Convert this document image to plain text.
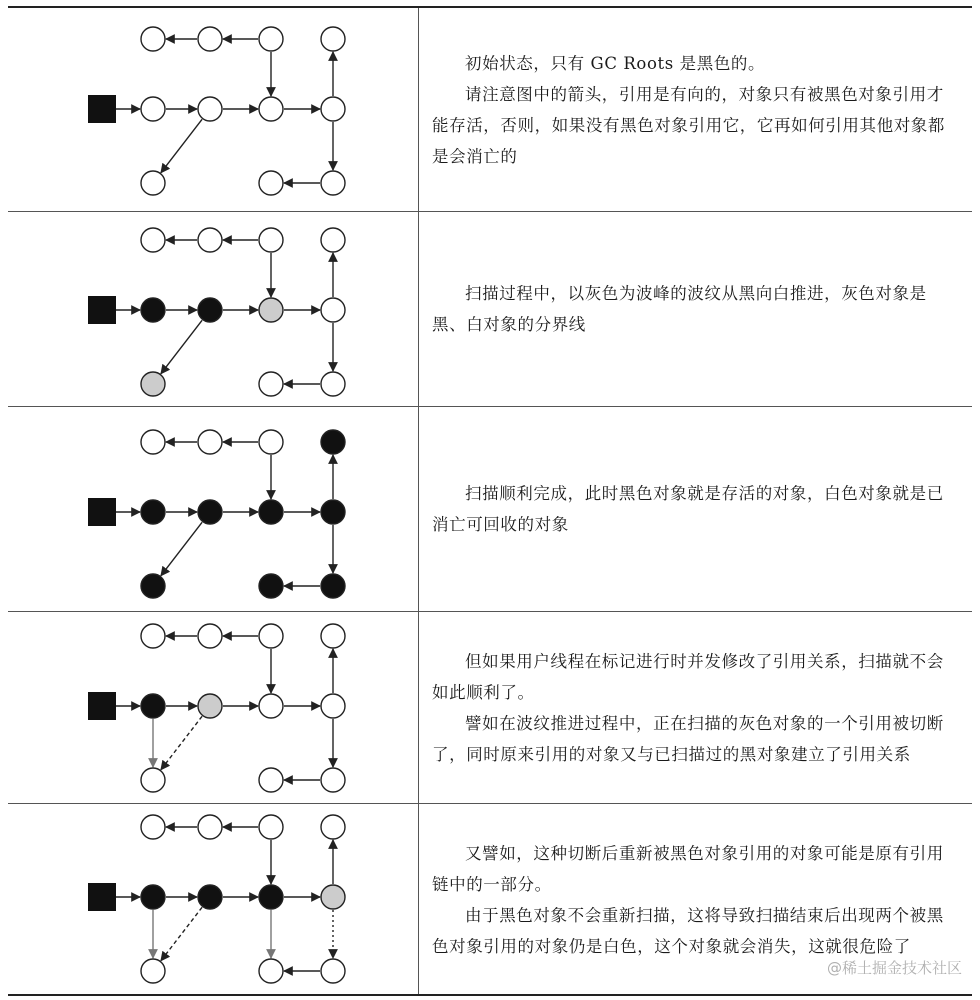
初始状态，只有 GC Roots 是黑色的。

请注意图中的箭头，引用是有向的，对象只有被黑色对象引用才能存活，否则，如果没有黑色对象引用它，它再如何引用其他对象都是会消亡的

扫描过程中，以灰色为波峰的波纹从黑向白推进，灰色对象是黑、白对象的分界线

扫描顺利完成，此时黑色对象就是存活的对象，白色对象就是已消亡可回收的对象

但如果用户线程在标记进行时并发修改了引用关系，扫描就不会如此顺利了。

譬如在波纹推进过程中，正在扫描的灰色对象的一个引用被切断了，同时原来引用的对象又与已扫描过的黑对象建立了引用关系

又譬如，这种切断后重新被黑色对象引用的对象可能是原有引用链中的一部分。

由于黑色对象不会重新扫描，这将导致扫描结束后出现两个被黑色对象引用的对象仍是白色，这个对象就会消失，这就很危险了

@稀土掘金技术社区
